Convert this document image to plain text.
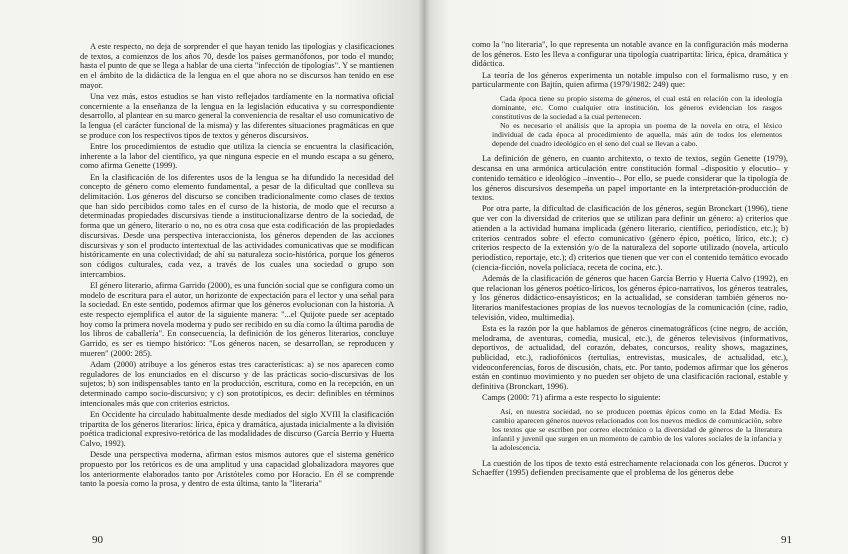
A este respecto, no deja de sorprender el que hayan tenido las tipologías y clasificaciones de textos, a comienzos de los años 70, desde los países germanófonos, por todo el mundo; hasta el punto de que se llega a hablar de una cierta "infección de tipologías". Y se mantienen en el ámbito de la didáctica de la lengua en el que ahora no se discursos han tenido en ese mayor.

Una vez más, estos estudios se han visto reflejados tardíamente en la normativa oficial concerniente a la enseñanza de la lengua en la legislación educativa y su correspondiente desarrollo, al plantear en su marco general la conveniencia de resaltar el uso comunicativo de la lengua (el carácter funcional de la misma) y las diferentes situaciones pragmáticas en que se produce con los respectivos tipos de textos y géneros discursivos.

Entre los procedimientos de estudio que utiliza la ciencia se encuentra la clasificación, inherente a la labor del científico, ya que ninguna especie en el mundo escapa a su género, como afirma Genette (1999).

En la clasificación de los diferentes usos de la lengua se ha difundido la necesidad del concepto de género como elemento fundamental, a pesar de la dificultad que conlleva su delimitación. Los géneros del discurso se conciben tradicionalmente como clases de textos que han sido percibidos como tales en el curso de la historia, de modo que el recurso a determinadas propiedades discursivas tiende a institucionalizarse dentro de la sociedad, de forma que un género, literario o no, no es otra cosa que esta codificación de las propiedades discursivas. Desde una perspectiva interaccionista, los géneros dependen de las acciones discursivas y son el producto intertextual de las actividades comunicativas que se modifican históricamente en una colectividad; de ahí su naturaleza socio-histórica, porque los géneros son códigos culturales, cada vez, a través de los cuales una sociedad o grupo son intercambios.

El género literario, afirma Garrido (2000), es una función social que se configura como un modelo de escritura para el autor, un horizonte de expectación para el lector y una señal para la sociedad. En este sentido, podemos afirmar que los géneros evolucionan con la historia. A este respecto ejemplifica el autor de la siguiente manera: "...el Quijote puede ser aceptado hoy como la primera novela moderna y pudo ser recibido en su día como la última parodia de los libros de caballería". En consecuencia, la definición de los géneros literarios, concluye Garrido, es ser es tiempo histórico: "Los géneros nacen, se desarrollan, se reproducen y mueren" (2000: 285).

Adam (2000) atribuye a los géneros estas tres características: a) se nos aparecen como reguladores de los enunciados en el discurso y de las prácticas socio-discursivas de los sujetos; b) son indispensables tanto en la producción, escritura, como en la recepción, en un determinado campo socio-discursivo; y c) son prototípicos, es decir: definibles en términos intencionales más que con criterios estrictos.

En Occidente ha circulado habitualmente desde mediados del siglo XVIII la clasificación tripartita de los géneros literarios: lírica, épica y dramática, ajustada inicialmente a la división poética tradicional expresivo-retórica de las modalidades de discurso (García Berrio y Huerta Calvo, 1992).

Desde una perspectiva moderna, afirman estos mismos autores que el sistema genérico propuesto por los retóricos es de una amplitud y una capacidad globalizadora mayores que los anteriormente elaborados tanto por Aristóteles como por Horacio. En él se comprende tanto la poesía como la prosa, y dentro de esta última, tanto la "literaria"

90

como la "no literaria", lo que representa un notable avance en la configuración más moderna de los géneros. Esto les lleva a configurar una tipología cuatripartita: lírica, épica, dramática y didáctica.

La teoría de los géneros experimenta un notable impulso con el formalismo ruso, y en particularmente con Bajtín, quien afirma (1979/1982: 249) que:

Cada época tiene su propio sistema de géneros, el cual está en relación con la ideología dominante, etc. Como cualquier otra institución, los géneros evidencian los rasgos constitutivos de la sociedad a la cual pertenecen.

No es necesario el análisis que la apropia un poema de la novela en otra, el léxico individual de cada época al procedimiento de aquella, más aún de todos los elementos depende del cuadro ideológico en el seno del cual se llevan a cabo.

La definición de género, en cuanto architexto, o texto de textos, según Genette (1979), descansa en una armónica articulación entre constitución formal –dispositio y elocutio– y contenido temático e ideológico –inventio–. Por ello, se puede considerar que la tipología de los géneros discursivos desempeña un papel importante en la interpretación-producción de textos.

Por otra parte, la dificultad de clasificación de los géneros, según Bronckart (1996), tiene que ver con la diversidad de criterios que se utilizan para definir un género: a) criterios que atienden a la actividad humana implicada (género literario, científico, periodístico, etc.); b) criterios centrados sobre el efecto comunicativo (género épico, poético, lírico, etc.); c) criterios respecto de la extensión y/o de la naturaleza del soporte utilizado (novela, artículo periodístico, reportaje, etc.); d) criterios que tienen que ver con el contenido temático evocado (ciencia-ficción, novela policíaca, receta de cocina, etc.).

Además de la clasificación de géneros que hacen García Berrio y Huerta Calvo (1992), en que relacionan los géneros poético-líricos, los géneros épico-narrativos, los géneros teatrales, y los géneros didáctico-ensayísticos; en la actualidad, se consideran también géneros no-literarios manifestaciones propias de los nuevos tecnologías de la comunicación (cine, radio, televisión, video, multimedia).

Esta es la razón por la que hablamos de géneros cinematográficos (cine negro, de acción, melodrama, de aventuras, comedia, musical, etc.), de géneros televisivos (informativos, deportivos, de actualidad, del corazón, debates, concursos, reality shows, magazines, publicidad, etc.), radiofónicos (tertulias, entrevistas, musicales, de actualidad, etc.), videoconferencias, foros de discusión, chats, etc. Por tanto, podemos afirmar que los géneros están en continuo movimiento y no pueden ser objeto de una clasificación racional, estable y definitiva (Bronckart, 1996).

Camps (2000: 71) afirma a este respecto lo siguiente:

Así, en nuestra sociedad, no se producen poemas épicos como en la Edad Media. Es cambio aparecen géneros nuevos relacionados con los nuevos medios de comunicación, sobre los textos que se escriben por correo electrónico o la diversidad de géneros de la literatura infantil y juvenil que surgen en un momento de cambio de los valores sociales de la infancia y la adolescencia.

La cuestión de los tipos de texto está estrechamente relacionada con los géneros. Ducrot y Schaeffer (1995) defienden precisamente que el problema de los géneros debe

91
